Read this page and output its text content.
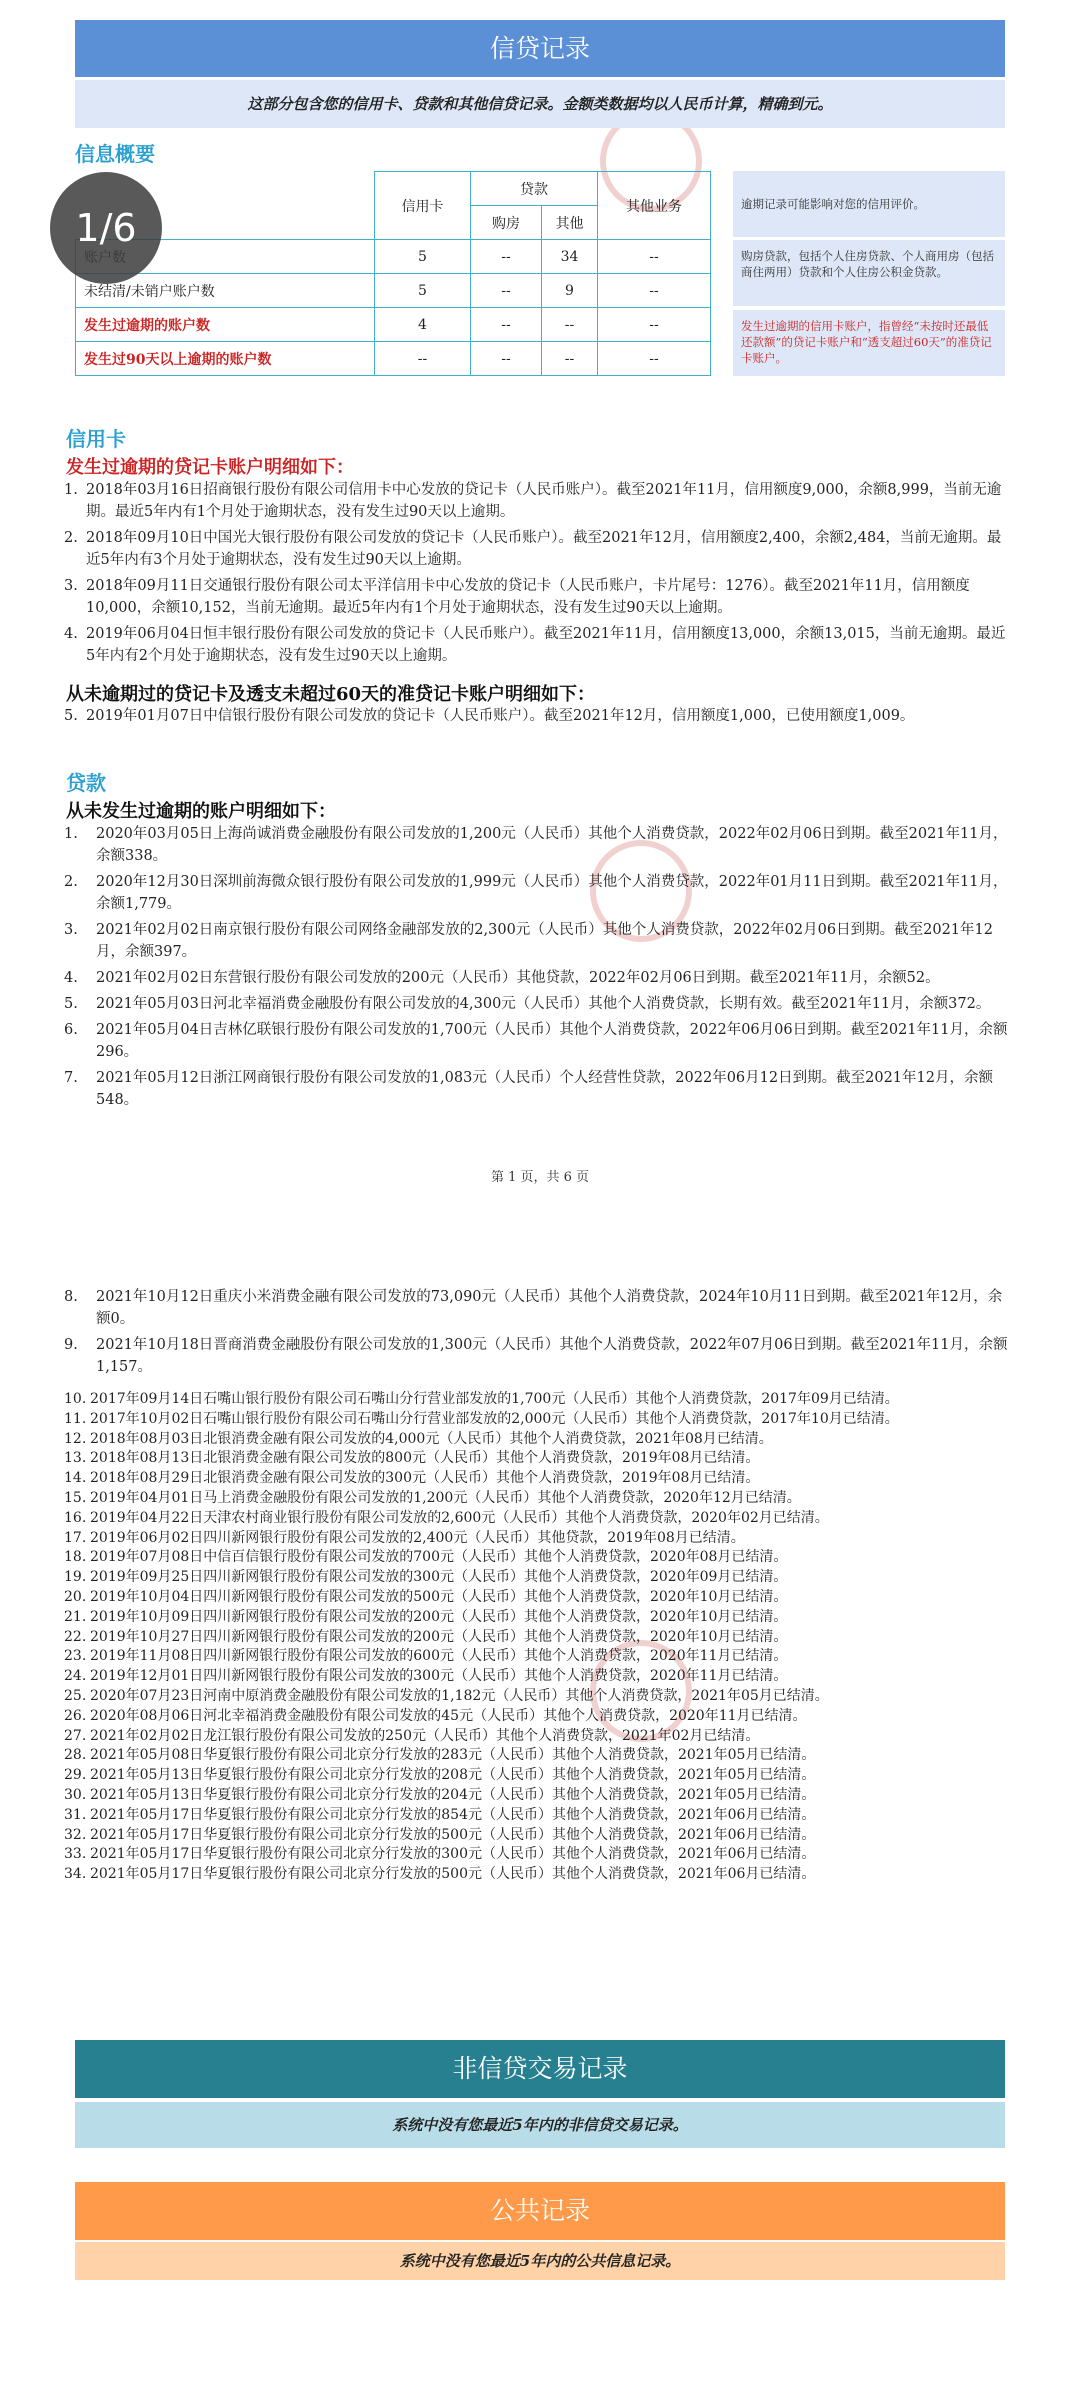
信贷记录
这部分包含您的信用卡、贷款和其他信贷记录。金额类数据均以人民币计算，精确到元。
信息概要
	信用卡	贷款		其他业务
		购房	其他	
	5	--	34	--
未结清/未销户账户数	5	--	9	--
发生过逾期的账户数	4	--	--	--
发生过90天以上逾期的账户数	--	--	--	--
1/6
逾期记录可能影响对您的信用评价。
购房贷款，包括个人住房贷款、个人商用房（包括商住两用）贷款和个人住房公积金贷款。
发生过逾期的信用卡账户，指曾经“未按时还最低还款额”的贷记卡账户和“透支超过60天”的准贷记卡账户。
信用卡
发生过逾期的贷记卡账户明细如下：
1. 2018年03月16日招商银行股份有限公司信用卡中心发放的贷记卡（人民币账户）。截至2021年11月，信用额度9,000，余额8,999，当前无逾期。最近5年内有1个月处于逾期状态，没有发生过90天以上逾期。
2. 2018年09月10日中国光大银行股份有限公司发放的贷记卡（人民币账户）。截至2021年12月，信用额度2,400，余额2,484，当前无逾期。最近5年内有3个月处于逾期状态，没有发生过90天以上逾期。
3. 2018年09月11日交通银行股份有限公司太平洋信用卡中心发放的贷记卡（人民币账户，卡片尾号：1276）。截至2021年11月，信用额度10,000，余额10,152，当前无逾期。最近5年内有1个月处于逾期状态，没有发生过90天以上逾期。
4. 2019年06月04日恒丰银行股份有限公司发放的贷记卡（人民币账户）。截至2021年11月，信用额度13,000，余额13,015，当前无逾期。最近5年内有2个月处于逾期状态，没有发生过90天以上逾期。
从未逾期过的贷记卡及透支未超过60天的准贷记卡账户明细如下：
5. 2019年01月07日中信银行股份有限公司发放的贷记卡（人民币账户）。截至2021年12月，信用额度1,000，已使用额度1,009。
贷款
从未发生过逾期的账户明细如下：
1. 2020年03月05日上海尚诚消费金融股份有限公司发放的1,200元（人民币）其他个人消费贷款，2022年02月06日到期。截至2021年11月，余额338。
2. 2020年12月30日深圳前海微众银行股份有限公司发放的1,999元（人民币）其他个人消费贷款，2022年01月11日到期。截至2021年11月，余额1,779。
3. 2021年02月02日南京银行股份有限公司网络金融部发放的2,300元（人民币）其他个人消费贷款，2022年02月06日到期。截至2021年12月，余额397。
4. 2021年02月02日东营银行股份有限公司发放的200元（人民币）其他贷款，2022年02月06日到期。截至2021年11月，余额52。
5. 2021年05月03日河北幸福消费金融股份有限公司发放的4,300元（人民币）其他个人消费贷款，长期有效。截至2021年11月，余额372。
6. 2021年05月04日吉林亿联银行股份有限公司发放的1,700元（人民币）其他个人消费贷款，2022年06月06日到期。截至2021年11月，余额296。
7. 2021年05月12日浙江网商银行股份有限公司发放的1,083元（人民币）个人经营性贷款，2022年06月12日到期。截至2021年12月，余额548。
第 1 页，共 6 页
8. 2021年10月12日重庆小米消费金融有限公司发放的73,090元（人民币）其他个人消费贷款，2024年10月11日到期。截至2021年12月，余额0。
9. 2021年10月18日晋商消费金融股份有限公司发放的1,300元（人民币）其他个人消费贷款，2022年07月06日到期。截至2021年11月，余额1,157。
10. 2017年09月14日石嘴山银行股份有限公司石嘴山分行营业部发放的1,700元（人民币）其他个人消费贷款，2017年09月已结清。
11. 2017年10月02日石嘴山银行股份有限公司石嘴山分行营业部发放的2,000元（人民币）其他个人消费贷款，2017年10月已结清。
12. 2018年08月03日北银消费金融有限公司发放的4,000元（人民币）其他个人消费贷款，2021年08月已结清。
13. 2018年08月13日北银消费金融有限公司发放的800元（人民币）其他个人消费贷款，2019年08月已结清。
14. 2018年08月29日北银消费金融有限公司发放的300元（人民币）其他个人消费贷款，2019年08月已结清。
15. 2019年04月01日马上消费金融股份有限公司发放的1,200元（人民币）其他个人消费贷款，2020年12月已结清。
16. 2019年04月22日天津农村商业银行股份有限公司发放的2,600元（人民币）其他个人消费贷款，2020年02月已结清。
17. 2019年06月02日四川新网银行股份有限公司发放的2,400元（人民币）其他贷款，2019年08月已结清。
18. 2019年07月08日中信百信银行股份有限公司发放的700元（人民币）其他个人消费贷款，2020年08月已结清。
19. 2019年09月25日四川新网银行股份有限公司发放的300元（人民币）其他个人消费贷款，2020年09月已结清。
20. 2019年10月04日四川新网银行股份有限公司发放的500元（人民币）其他个人消费贷款，2020年10月已结清。
21. 2019年10月09日四川新网银行股份有限公司发放的200元（人民币）其他个人消费贷款，2020年10月已结清。
22. 2019年10月27日四川新网银行股份有限公司发放的200元（人民币）其他个人消费贷款，2020年10月已结清。
23. 2019年11月08日四川新网银行股份有限公司发放的600元（人民币）其他个人消费贷款，2020年11月已结清。
24. 2019年12月01日四川新网银行股份有限公司发放的300元（人民币）其他个人消费贷款，2020年11月已结清。
25. 2020年07月23日河南中原消费金融股份有限公司发放的1,182元（人民币）其他个人消费贷款，2021年05月已结清。
26. 2020年08月06日河北幸福消费金融股份有限公司发放的45元（人民币）其他个人消费贷款，2020年11月已结清。
27. 2021年02月02日龙江银行股份有限公司发放的250元（人民币）其他个人消费贷款，2021年02月已结清。
28. 2021年05月08日华夏银行股份有限公司北京分行发放的283元（人民币）其他个人消费贷款，2021年05月已结清。
29. 2021年05月13日华夏银行股份有限公司北京分行发放的208元（人民币）其他个人消费贷款，2021年05月已结清。
30. 2021年05月13日华夏银行股份有限公司北京分行发放的204元（人民币）其他个人消费贷款，2021年05月已结清。
31. 2021年05月17日华夏银行股份有限公司北京分行发放的854元（人民币）其他个人消费贷款，2021年06月已结清。
32. 2021年05月17日华夏银行股份有限公司北京分行发放的500元（人民币）其他个人消费贷款，2021年06月已结清。
33. 2021年05月17日华夏银行股份有限公司北京分行发放的300元（人民币）其他个人消费贷款，2021年06月已结清。
34. 2021年05月17日华夏银行股份有限公司北京分行发放的500元（人民币）其他个人消费贷款，2021年06月已结清。
非信贷交易记录
系统中没有您最近5年内的非信贷交易记录。
公共记录
系统中没有您最近5年内的公共信息记录。
